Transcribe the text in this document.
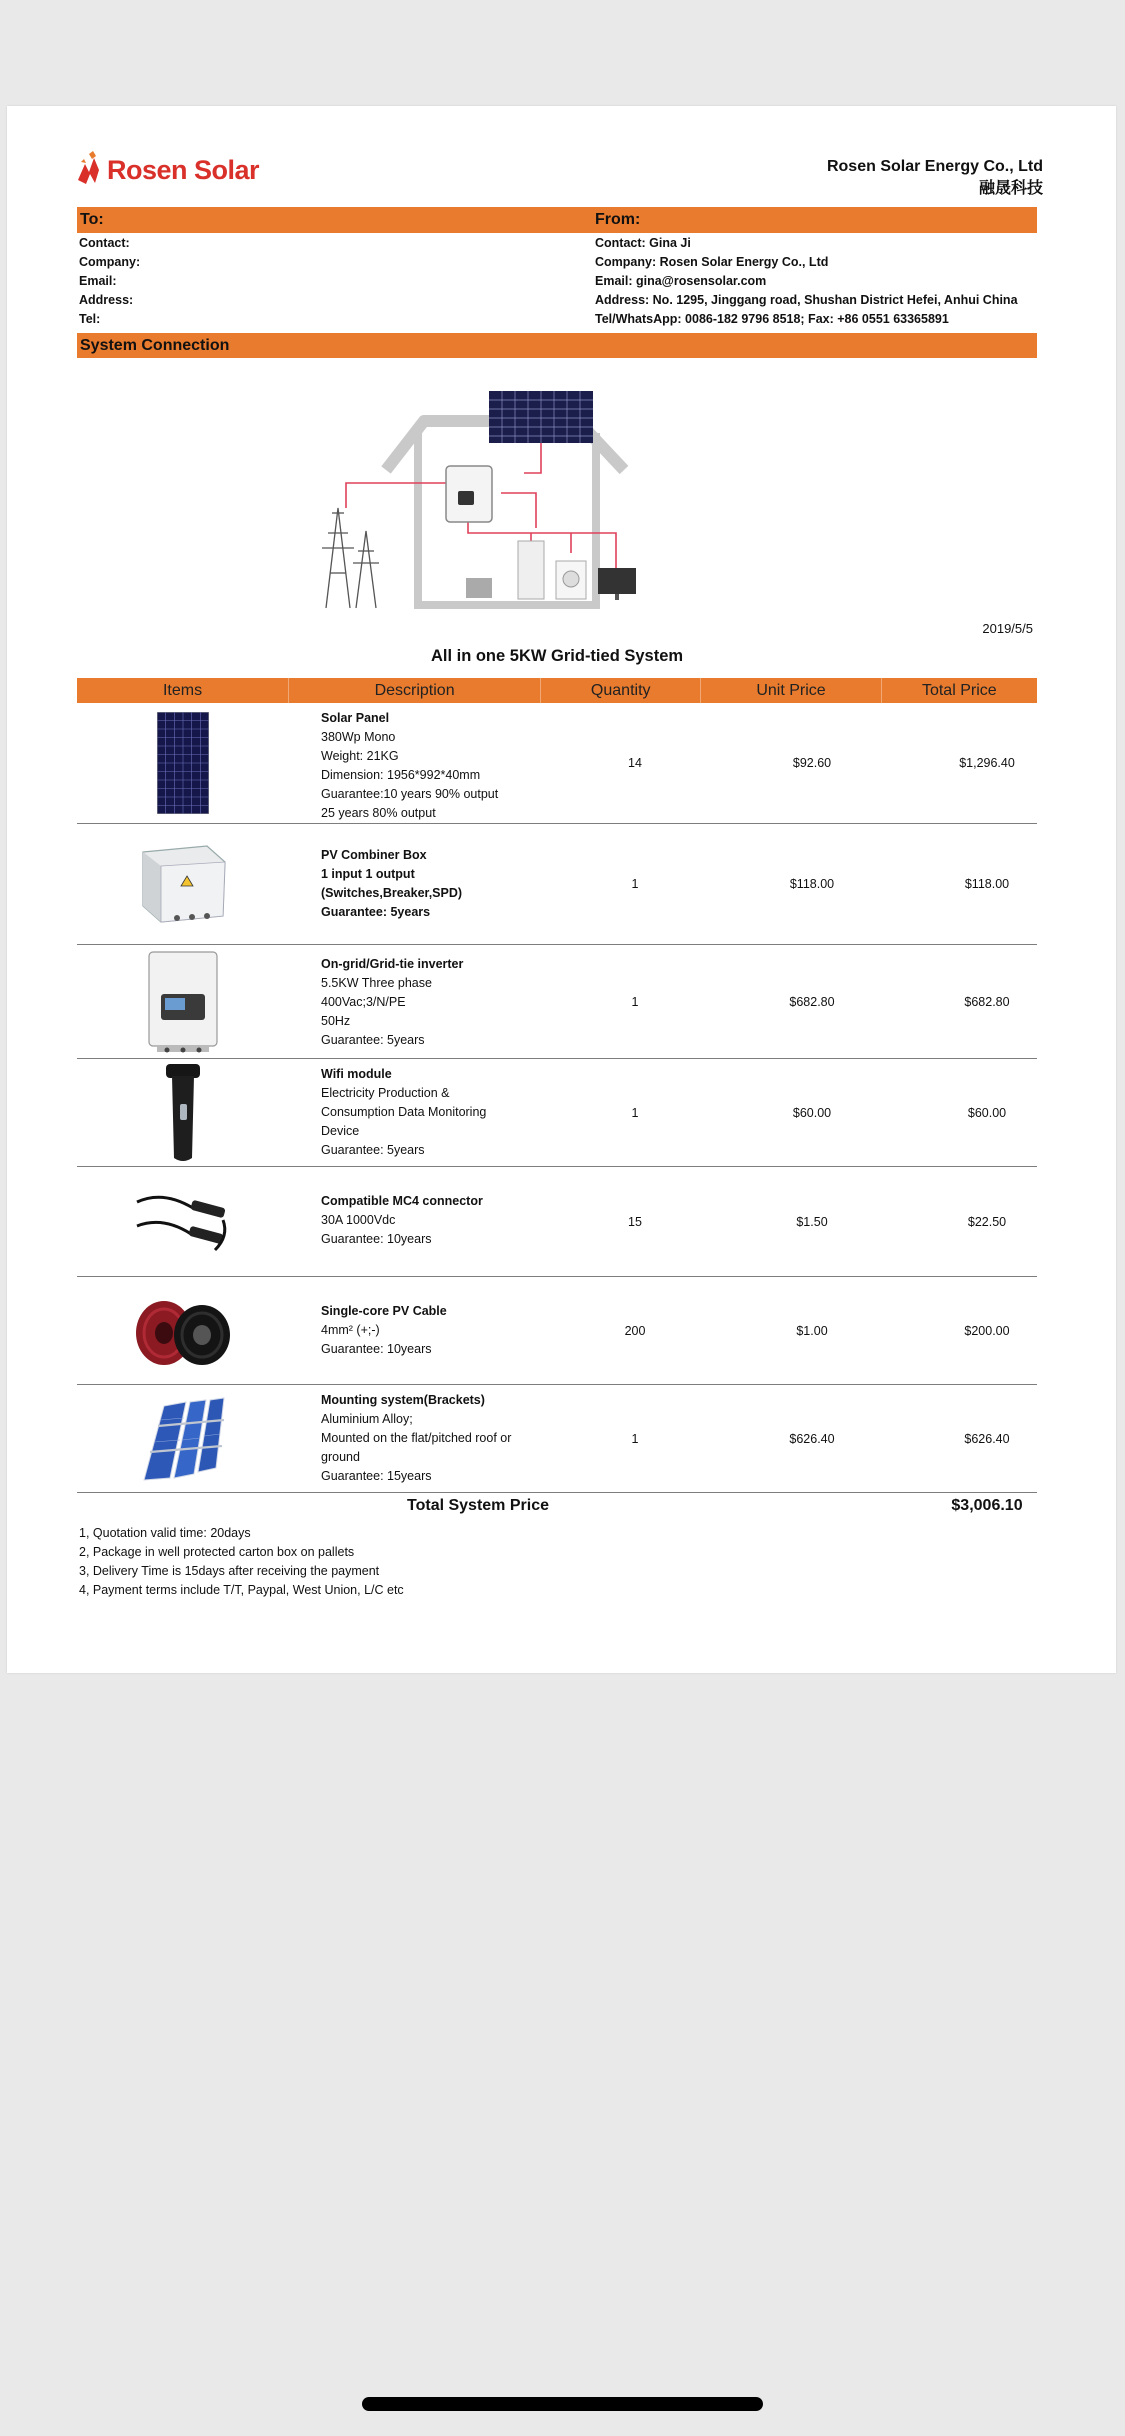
Rosen Solar	Rosen Solar Energy Co., Ltd
融晟科技
To:	From:
Contact:
Company:
Email:
Address:
Tel:
Contact: Gina Ji
Company: Rosen Solar Energy Co., Ltd
Email: gina@rosensolar.com
Address: No. 1295, Jinggang road, Shushan District Hefei, Anhui China
Tel/WhatsApp: 0086-182 9796 8518; Fax: +86 0551 63365891
System Connection
2019/5/5
All in one 5KW Grid-tied System
Items	Description	Quantity	Unit Price	Total Price
Solar Panel
380Wp Mono
Weight: 21KG
Dimension: 1956*992*40mm
Guarantee:10 years 90% output
25 years 80% output
14	$92.60	$1,296.40
PV Combiner Box
1 input 1 output
(Switches,Breaker,SPD)
Guarantee: 5years
1	$118.00	$118.00
On-grid/Grid-tie inverter
5.5KW Three phase
400Vac;3/N/PE
50Hz
Guarantee: 5years
1	$682.80	$682.80
Wifi module
Electricity Production &
Consumption Data Monitoring
Device
Guarantee: 5years
1	$60.00	$60.00
Compatible MC4 connector
30A 1000Vdc
Guarantee: 10years
15	$1.50	$22.50
Single-core PV Cable
4mm² (+;-)
Guarantee: 10years
200	$1.00	$200.00
Mounting system(Brackets)
Aluminium Alloy;
Mounted on the flat/pitched roof or
ground
Guarantee: 15years
1	$626.40	$626.40
Total System Price	$3,006.10
1, Quotation valid time: 20days
2, Package in well protected carton box on pallets
3, Delivery Time is 15days after receiving the payment
4, Payment terms include T/T, Paypal, West Union, L/C etc
